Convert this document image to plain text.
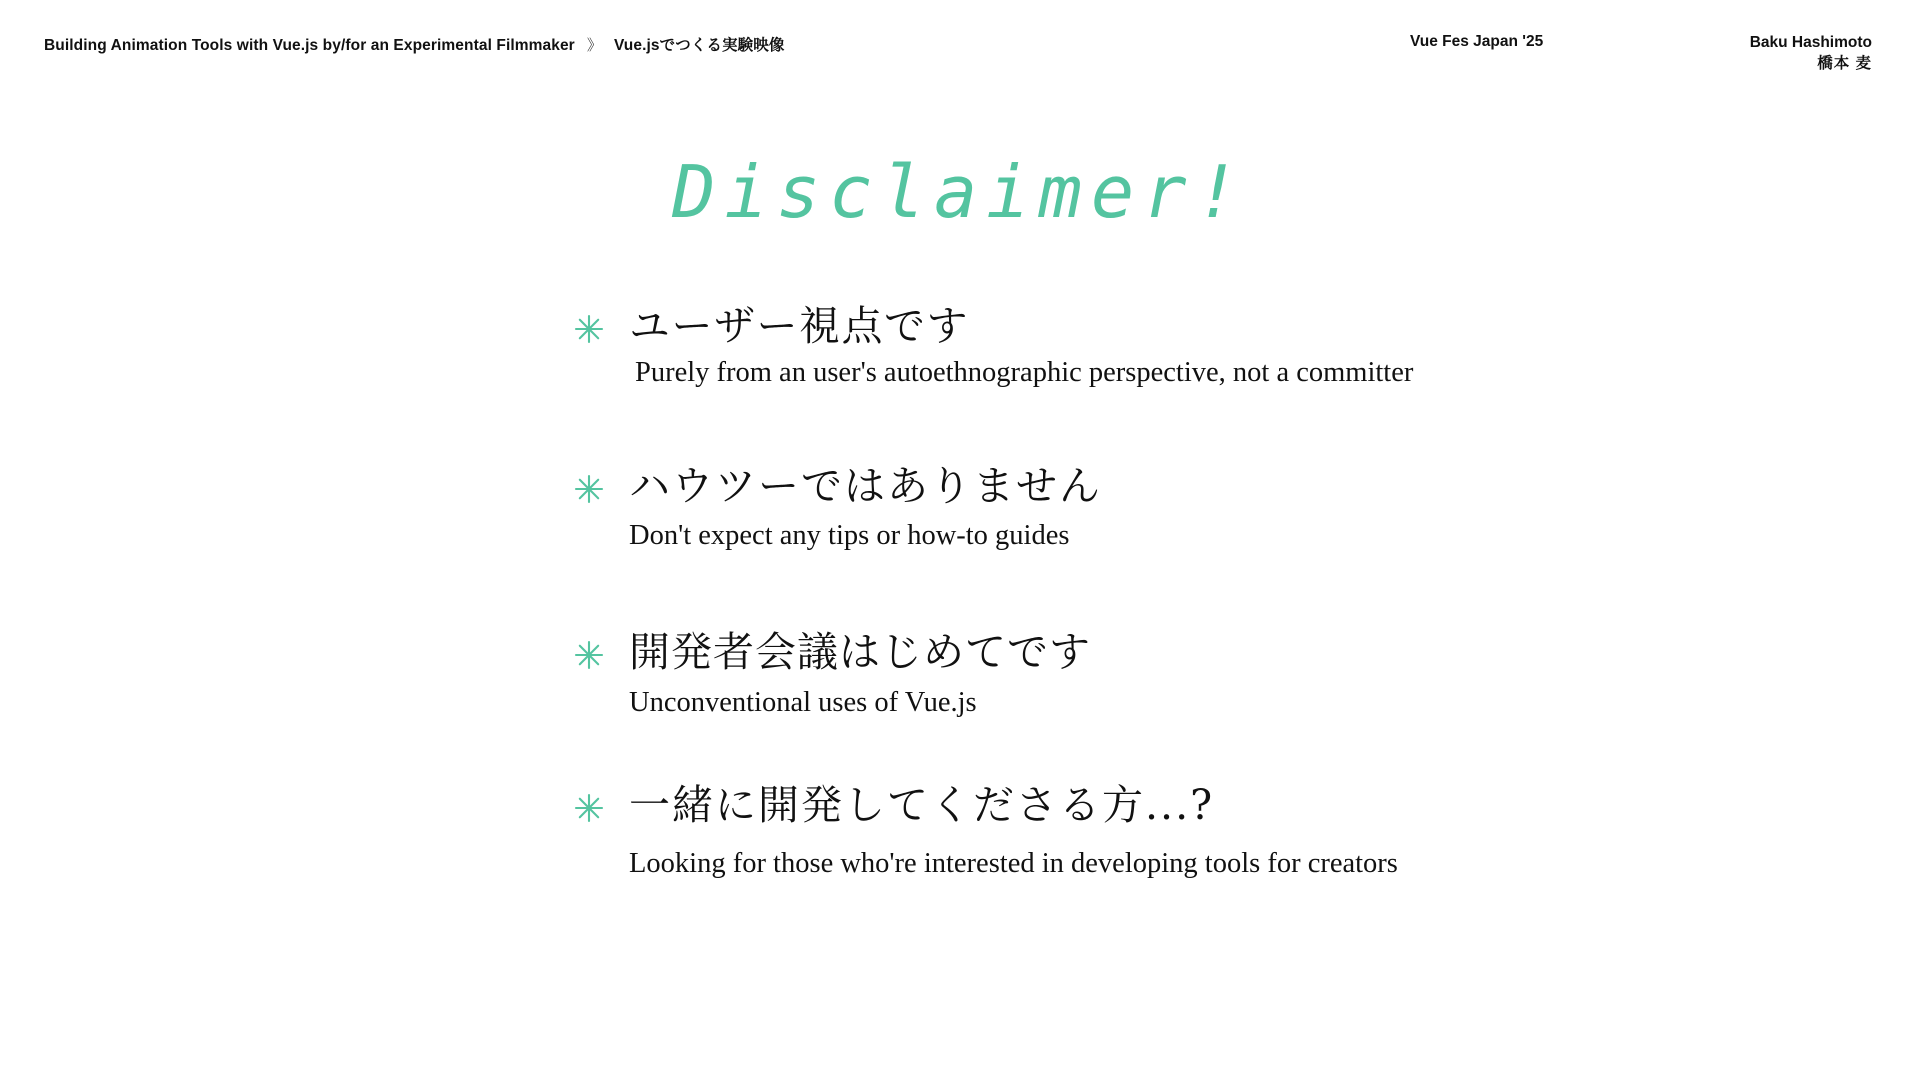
Building Animation Tools with Vue.js by/for an Experimental Filmmaker 》 Vue.jsでつくる実験映像	Vue Fes Japan '25	Baku Hashimoto
橋本 麦
Disclaimer!
ユーザー視点です
Purely from an user's autoethnographic perspective, not a committer
ハウツーではありません
Don't expect any tips or how-to guides
開発者会議はじめてです
Unconventional uses of Vue.js
一緒に開発してくださる方...?
Looking for those who're interested in developing tools for creators
